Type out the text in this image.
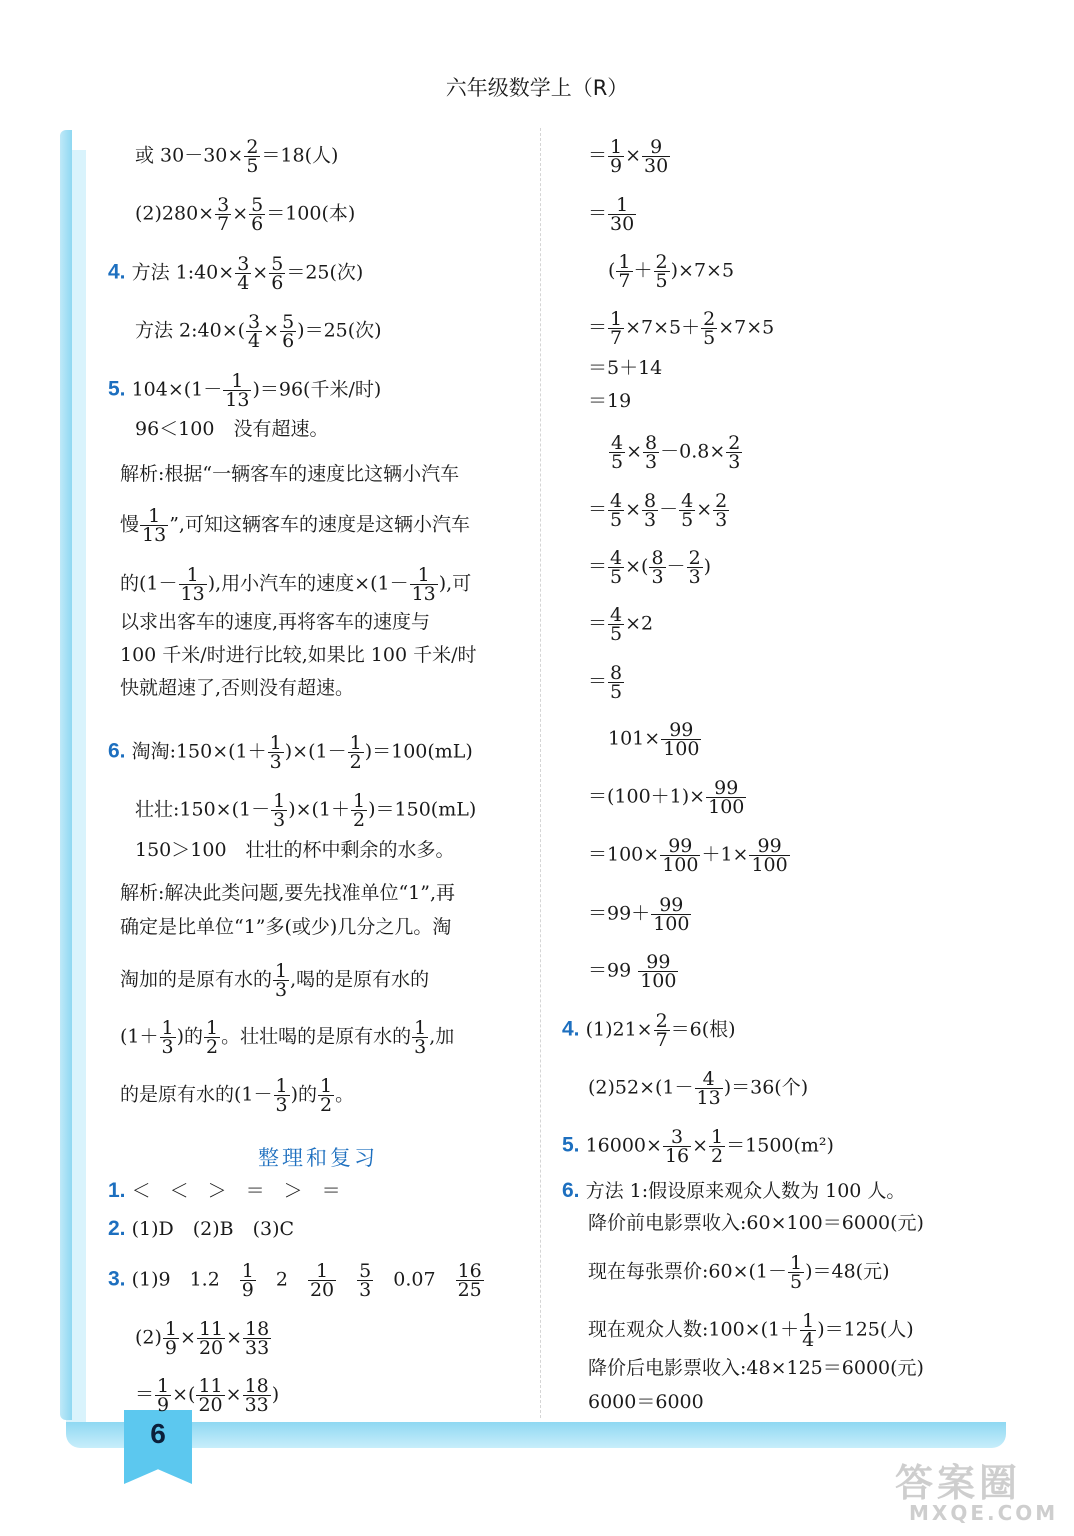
6
六年级数学上（R）
或 $30-30\times \frac{2}{5} =18$(人)
$(2)280\times \frac{3}{7} \times \frac{5}{6} =100$(本)
4. 方法 1:40× $\frac{3}{4} \times \frac{5}{6} =25$(次)
方法 2:40×( $\frac{3}{4} \times \frac{5}{6} )=25$(次)
5. $104\times(1- \frac{1}{13} )=96$(千米/时)
96＜100　没有超速。
解析:根据“一辆客车的速度比这辆小汽车
慢 $\frac{1}{13}$ ”,可知这辆客车的速度是这辆小汽车
的($1- \frac{1}{13}$ ),用小汽车的速度$\times(1- \frac{1}{13}$ ),可
以求出客车的速度,再将客车的速度与
100 千米/时进行比较,如果比 100 千米/时
快就超速了,否则没有超速。
6. 淘淘:150×(1＋ $\frac{1}{3} )\times(1- \frac{1}{2} )=100(mL)$
壮壮:150×(1－ $\frac{1}{3} )\times(1+ \frac{1}{2} )=150(mL)$
150＞100　壮壮的杯中剩余的水多。
解析:解决此类问题,要先找准单位“1”,再
确定是比单位“1”多(或少)几分之几。淘
淘加的是原有水的 $\frac{1}{3}$ ,喝的是原有水的
($1+ \frac{1}{3}$ )的 $\frac{1}{2}$ 。壮壮喝的是原有水的 $\frac{1}{3}$ ,加
的是原有水的($1- \frac{1}{3}$ )的 $\frac{1}{2}$ 。
整理和复习
1. ＜　＜　＞　＝　＞　＝
2. (1)D　(2)B　(3)C
3. (1)9　1.2　 $\frac{1}{9}$ 　2　 $\frac{1}{20}$
　 $\frac{5}{3}$ 　0.07　 $\frac{16}{25}$
$(2) \frac{1}{9} \times \frac{11}{20} \times \frac{18}{33}$
＝ $\frac{1}{9}$ ×( $\frac{11}{20} \times \frac{18}{33}$ )
＝ $\frac{1}{9} \times \frac{9}{30}$
＝ $\frac{1}{30}$
( $\frac{1}{7} + \frac{2}{5} )\times 7\times 5$
＝ $\frac{1}{7} \times 7\times 5+ \frac{2}{5} \times 7\times 5$
＝5＋14
＝19
$\frac{4}{5} \times \frac{8}{3} -0.8\times \frac{2}{3}$
＝ $\frac{4}{5} \times \frac{8}{3} - \frac{4}{5} \times \frac{2}{3}$
＝ $\frac{4}{5}$ ×( $\frac{8}{3} - \frac{2}{3}$ )
＝ $\frac{4}{5} \times 2$
＝ $\frac{8}{5}$
$101\times \frac{99}{100}$
$=(100+1)\times \frac{99}{100}$
$=100\times \frac{99}{100} +1\times \frac{99}{100}$
$=99+ \frac{99}{100}$
$=99 \frac{99}{100}$
4. $(1)21\times \frac{2}{7} =6$(根)
$(2)52\times(1- \frac{4}{13} )=36$(个)
5. $16000\times \frac{3}{16} \times \frac{1}{2} =1500(m^2)$
6. 方法 1:假设原来观众人数为 100 人。
降价前电影票收入:60×100＝6000(元)
现在每张票价:60×(1－ $\frac{1}{5} )=48$(元)
现在观众人数:100×(1＋ $\frac{1}{4} )=125$(人)
降价后电影票收入:48×125＝6000(元)
6000＝6000
答案圈
MXQE.COM
